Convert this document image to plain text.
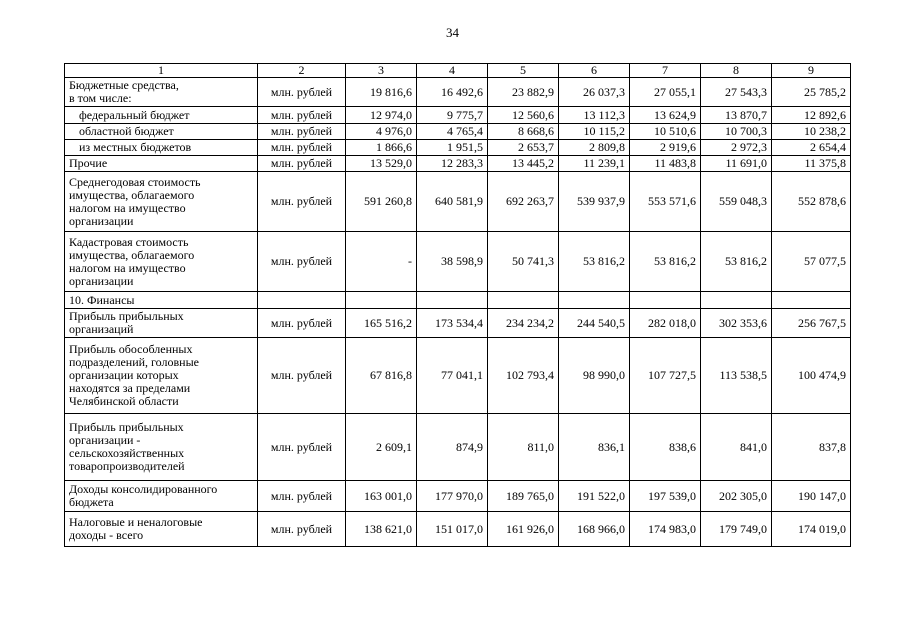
34
1	2	3	4	5	6	7	8	9
Бюджетные средства,
в том числе:	млн. рублей	19 816,6	16 492,6	23 882,9	26 037,3	27 055,1	27 543,3	25 785,2
федеральный бюджет	млн. рублей	12 974,0	9 775,7	12 560,6	13 112,3	13 624,9	13 870,7	12 892,6
областной бюджет	млн. рублей	4 976,0	4 765,4	8 668,6	10 115,2	10 510,6	10 700,3	10 238,2
из местных бюджетов	млн. рублей	1 866,6	1 951,5	2 653,7	2 809,8	2 919,6	2 972,3	2 654,4
Прочие	млн. рублей	13 529,0	12 283,3	13 445,2	11 239,1	11 483,8	11 691,0	11 375,8
Среднегодовая стоимость
имущества, облагаемого
налогом на имущество
организации	млн. рублей	591 260,8	640 581,9	692 263,7	539 937,9	553 571,6	559 048,3	552 878,6
Кадастровая стоимость
имущества, облагаемого
налогом на имущество
организации	млн. рублей	-	38 598,9	50 741,3	53 816,2	53 816,2	53 816,2	57 077,5
10. Финансы								
Прибыль прибыльных
организаций	млн. рублей	165 516,2	173 534,4	234 234,2	244 540,5	282 018,0	302 353,6	256 767,5
Прибыль обособленных
подразделений, головные
организации которых
находятся за пределами
Челябинской области	млн. рублей	67 816,8	77 041,1	102 793,4	98 990,0	107 727,5	113 538,5	100 474,9
Прибыль прибыльных
организации -
сельскохозяйственных
товаропроизводителей	млн. рублей	2 609,1	874,9	811,0	836,1	838,6	841,0	837,8
Доходы консолидированного
бюджета	млн. рублей	163 001,0	177 970,0	189 765,0	191 522,0	197 539,0	202 305,0	190 147,0
Налоговые и неналоговые
доходы - всего	млн. рублей	138 621,0	151 017,0	161 926,0	168 966,0	174 983,0	179 749,0	174 019,0
